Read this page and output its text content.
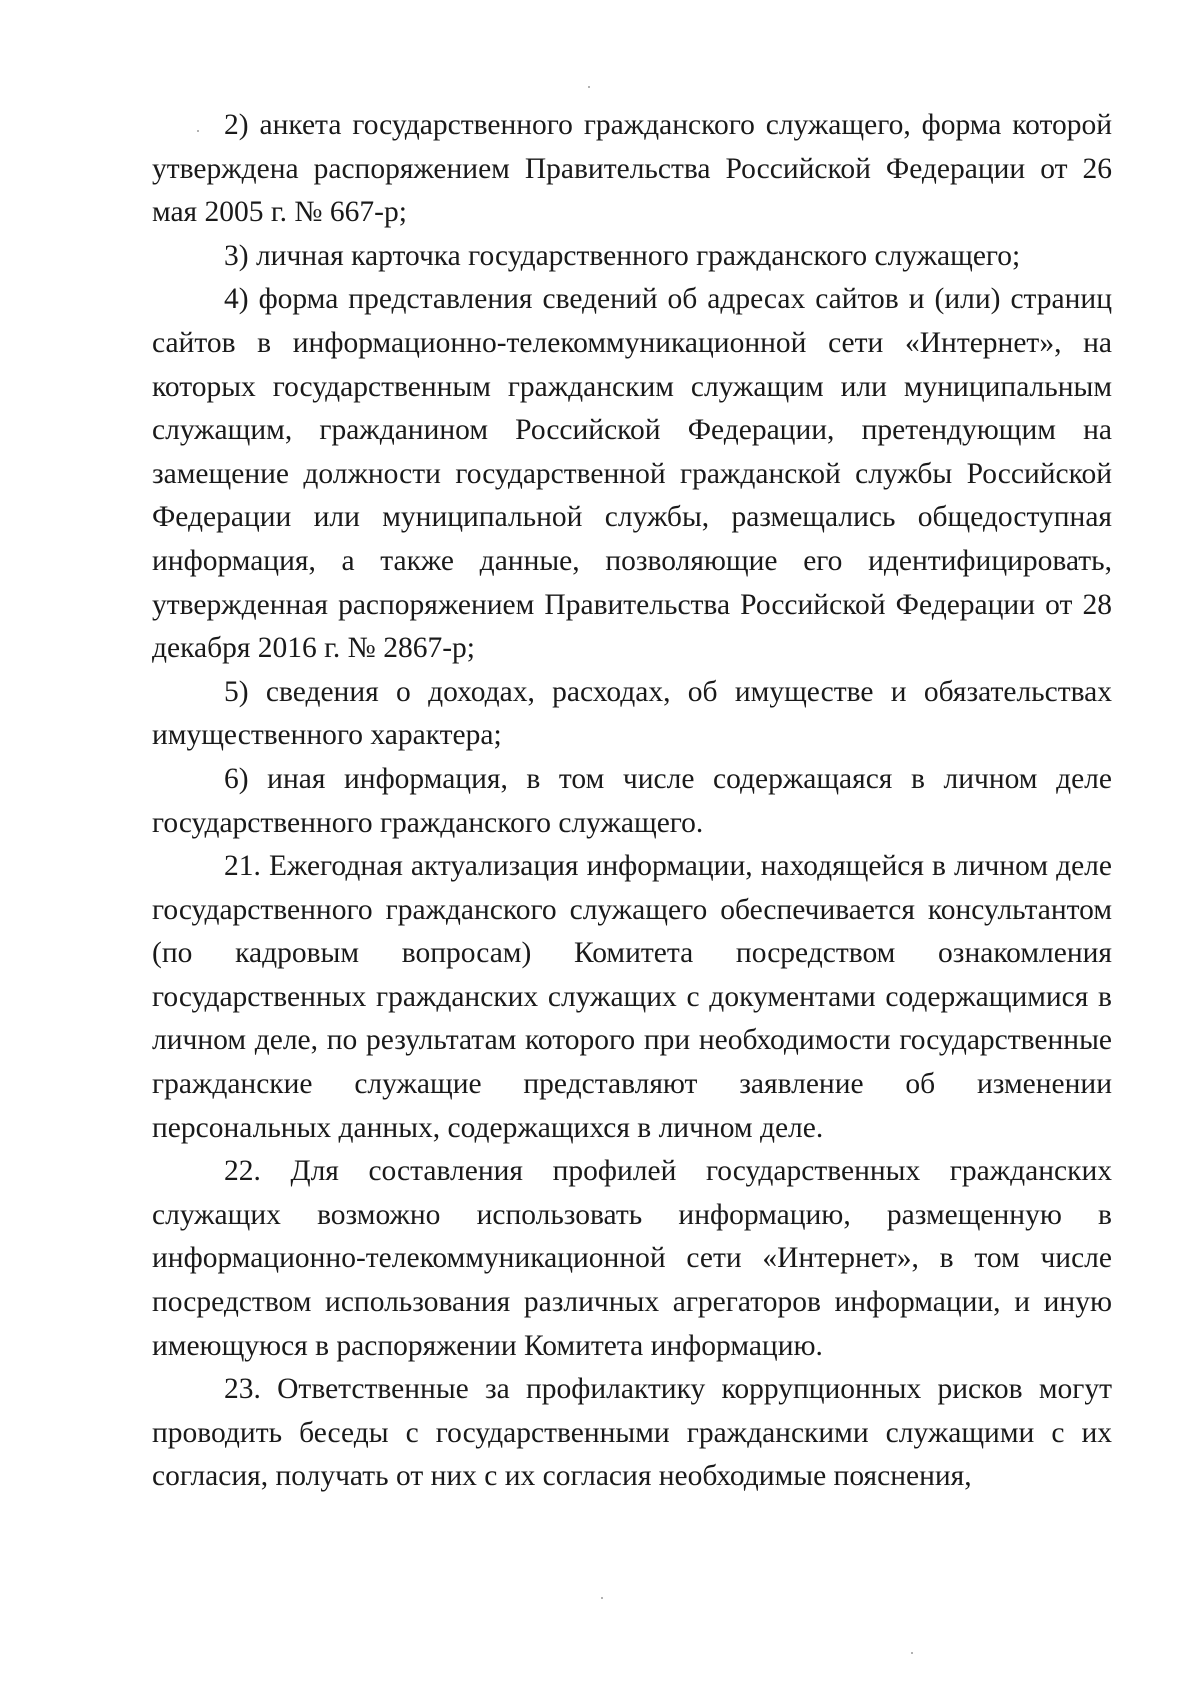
2) анкета государственного гражданского служащего, форма которой утверждена распоряжением Правительства Российской Федерации от 26 мая 2005 г. № 667-р;

3) личная карточка государственного гражданского служащего;

4) форма представления сведений об адресах сайтов и (или) страниц сайтов в информационно-телекоммуникационной сети «Интернет», на которых государственным гражданским служащим или муниципальным служащим, гражданином Российской Федерации, претендующим на замещение должности государственной гражданской службы Российской Федерации или муниципальной службы, размещались общедоступная информация, а также данные, позволяющие его идентифицировать, утвержденная распоряжением Правительства Российской Федерации от 28 декабря 2016 г. № 2867-р;

5) сведения о доходах, расходах, об имуществе и обязательствах имущественного характера;

6) иная информация, в том числе содержащаяся в личном деле государственного гражданского служащего.

21. Ежегодная актуализация информации, находящейся в личном деле государственного гражданского служащего обеспечивается консультантом (по кадровым вопросам) Комитета посредством ознакомления государственных гражданских служащих с документами содержащимися в личном деле, по результатам которого при необходимости государственные гражданские служащие представляют заявление об изменении персональных данных, содержащихся в личном деле.

22. Для составления профилей государственных гражданских служащих возможно использовать информацию, размещенную в информационно-телекоммуникационной сети «Интернет», в том числе посредством использования различных агрегаторов информации, и иную имеющуюся в распоряжении Комитета информацию.

23. Ответственные за профилактику коррупционных рисков могут проводить беседы с государственными гражданскими служащими с их согласия, получать от них с их согласия необходимые пояснения,
